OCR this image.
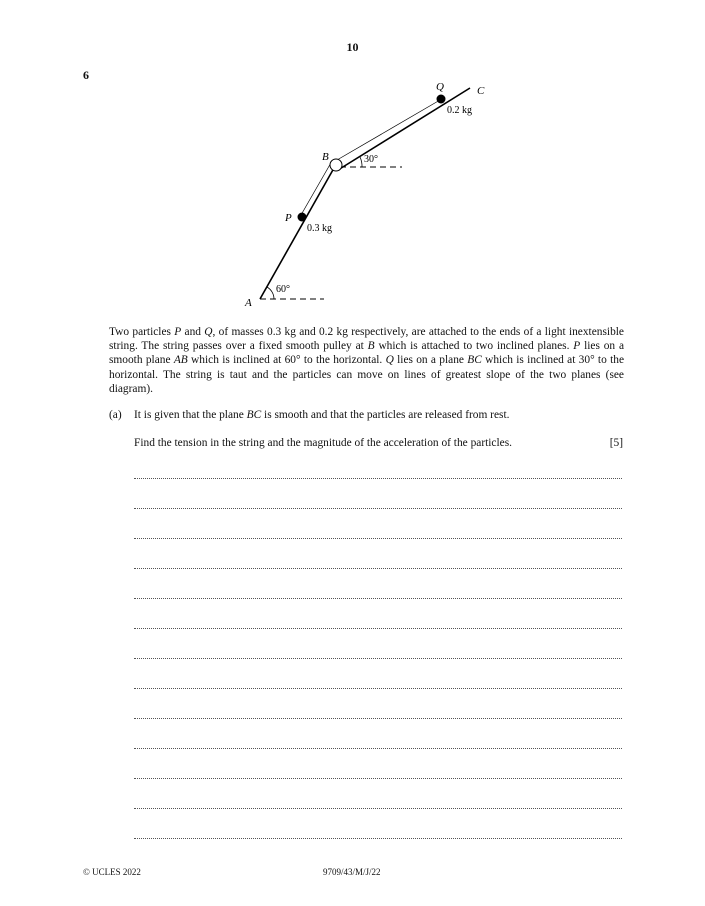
10
6
A
B
C
P
Q
0.3 kg
0.2 kg
60°
30°
Two particles P and Q, of masses 0.3 kg and 0.2 kg respectively, are attached to the ends of a light inextensible string. The string passes over a fixed smooth pulley at B which is attached to two inclined planes. P lies on a smooth plane AB which is inclined at 60° to the horizontal. Q lies on a plane BC which is inclined at 30° to the horizontal. The string is taut and the particles can move on lines of greatest slope of the two planes (see diagram).
(a) It is given that the plane BC is smooth and that the particles are released from rest.
Find the tension in the string and the magnitude of the acceleration of the particles.	[5]
© UCLES 2022	9709/43/M/J/22
